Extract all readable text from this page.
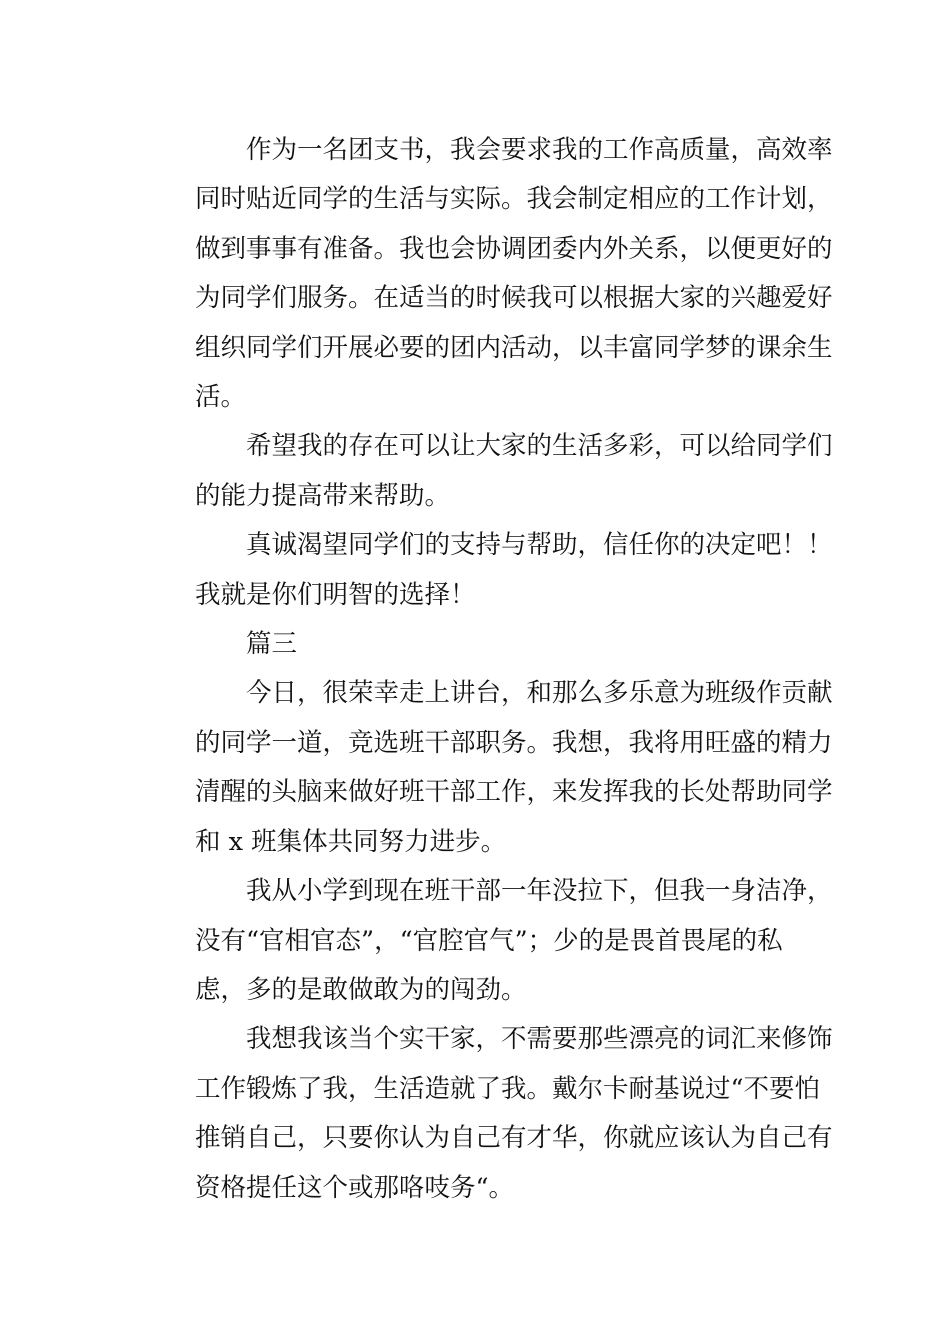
作为一名团支书，我会要求我的工作高质量，高效率
同时贴近同学的生活与实际。我会制定相应的工作计划，
做到事事有准备。我也会协调团委内外关系，以便更好的
为同学们服务。在适当的时候我可以根据大家的兴趣爱好
组织同学们开展必要的团内活动，以丰富同学梦的课余生
活。
希望我的存在可以让大家的生活多彩，可以给同学们
的能力提高带来帮助。
真诚渴望同学们的支持与帮助，信任你的决定吧！！
我就是你们明智的选择！
篇三
今日，很荣幸走上讲台，和那么多乐意为班级作贡献
的同学一道，竞选班干部职务。我想，我将用旺盛的精力
清醒的头脑来做好班干部工作，来发挥我的长处帮助同学
和 x 班集体共同努力进步。
我从小学到现在班干部一年没拉下，但我一身洁净，
没有“官相官态”，“官腔官气”；少的是畏首畏尾的私
虑，多的是敢做敢为的闯劲。
我想我该当个实干家，不需要那些漂亮的词汇来修饰
工作锻炼了我，生活造就了我。戴尔卡耐基说过“不要怕
推销自己，只要你认为自己有才华，你就应该认为自己有
资格提任这个或那咯吱务“。
